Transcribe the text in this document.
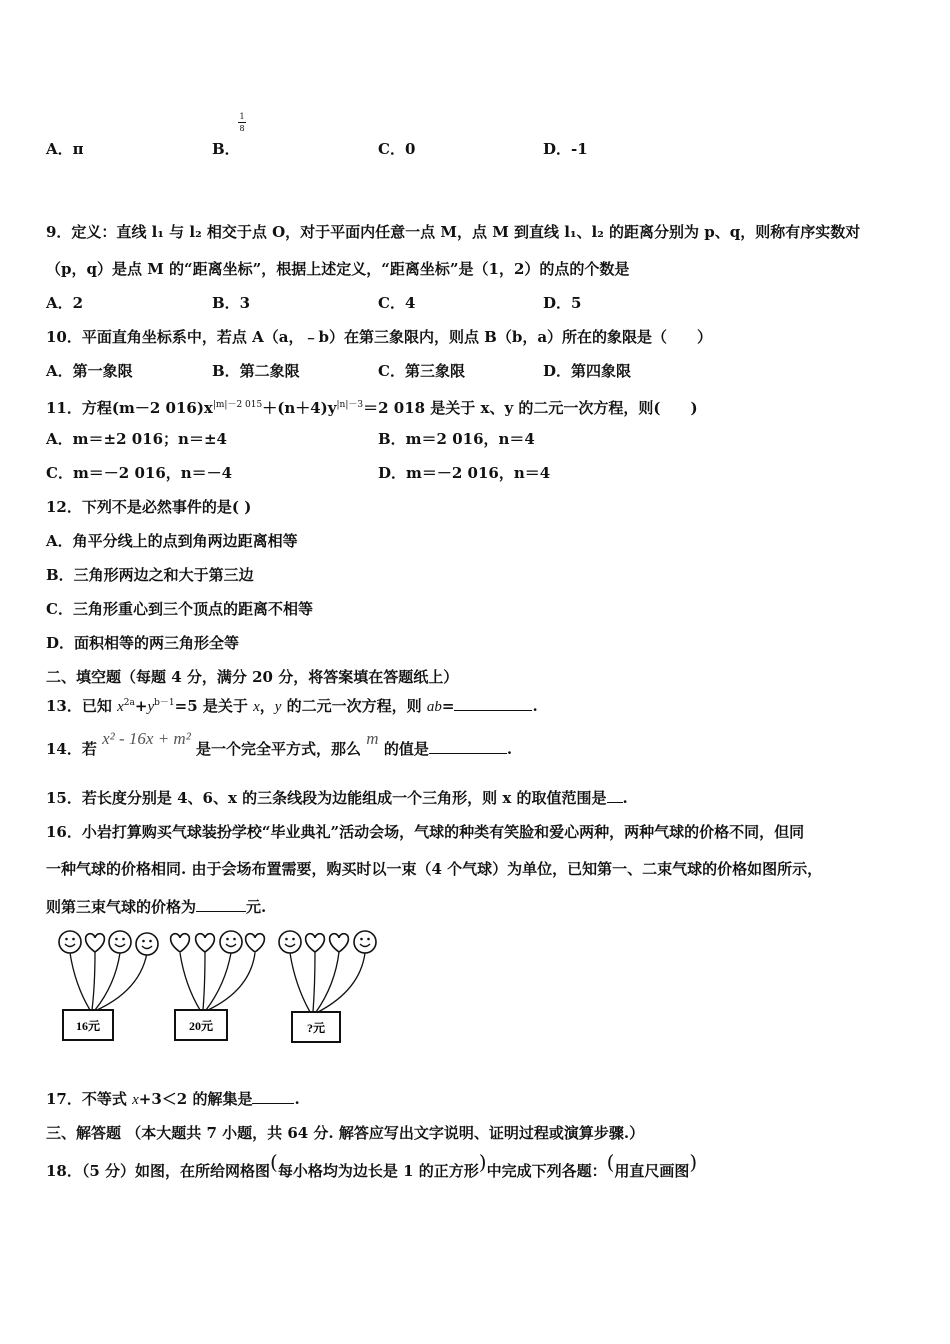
A．π	B．
1
8
C．0	D．-1
9．定义：直线 l₁ 与 l₂ 相交于点 O，对于平面内任意一点 M，点 M 到直线 l₁、l₂ 的距离分别为 p、q，则称有序实数对
（p，q）是点 M 的“距离坐标”，根据上述定义，“距离坐标”是（1，2）的点的个数是
A．2	B．3	C．4	D．5
10．平面直角坐标系中，若点 A（a，﹣b）在第三象限内，则点 B（b，a）所在的象限是（　　）
A．第一象限	B．第二象限	C．第三象限	D．第四象限
11．方程(m－2 $016)x^{|m|-2 015}+(n+4)y^{|n|-3}=2$ 018 是关于 x、y 的二元一次方程，则(　　)
A．m＝±2 016；n＝±4	B．m＝2 016，n＝4
C．m＝－2 016，n＝－4	D．m＝－2 016，n＝4
12．下列不是必然事件的是( )
A．角平分线上的点到角两边距离相等
B．三角形两边之和大于第三边
C．三角形重心到三个顶点的距离不相等
D．面积相等的两三角形全等
二、填空题（每题 4 分，满分 20 分，将答案填在答题纸上）
13．已知 $x^{2a}+y^{b-1}=5$ 是关于 x，y 的二元一次方程，则 ab=	.
14．若 x² - 16x + m² 是一个完全平方式，那么 m 的值是	.
15．若长度分别是 4、6、x 的三条线段为边能组成一个三角形，则 x 的取值范围是 .
16．小岩打算购买气球装扮学校“毕业典礼”活动会场，气球的种类有笑脸和爱心两种，两种气球的价格不同，但同
一种气球的价格相同. 由于会场布置需要，购买时以一束（4 个气球）为单位，已知第一、二束气球的价格如图所示，
则第三束气球的价格为	元.
16元	20元	?元
17．不等式 x+3＜2 的解集是	.
三、解答题 （本大题共 7 小题，共 64 分. 解答应写出文字说明、证明过程或演算步骤.）
18．（5 分）如图，在所给网格图(每小格均为边长是 1 的正方形)中完成下列各题：(用直尺画图)
